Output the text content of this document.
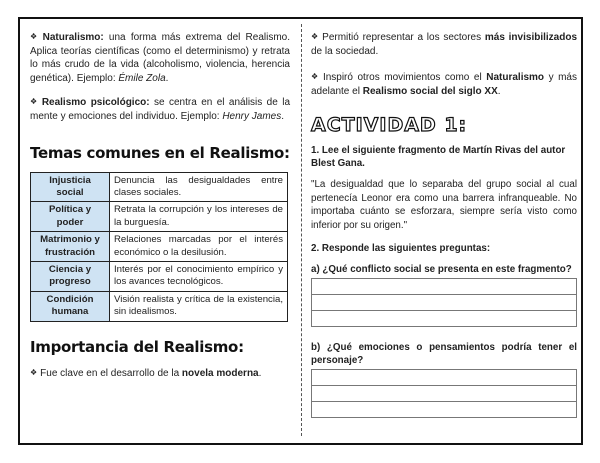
❖ Naturalismo: una forma más extrema del Realismo. Aplica teorías científicas (como el determinismo) y retrata lo más crudo de la vida (alcoholismo, violencia, herencia genética). Ejemplo: Émile Zola.

❖ Realismo psicológico: se centra en el análisis de la mente y emociones del individuo. Ejemplo: Henry James.

Temas comunes en el Realismo:
Injusticia social	Denuncia las desigualdades entre clases sociales.
Política y poder	Retrata la corrupción y los intereses de la burguesía.
Matrimonio y frustración	Relaciones marcadas por el interés económico o la desilusión.
Ciencia y progreso	Interés por el conocimiento empírico y los avances tecnológicos.
Condición humana	Visión realista y crítica de la existencia, sin idealismos.
Importancia del Realismo:

❖ Fue clave en el desarrollo de la novela moderna.

❖ Permitió representar a los sectores más invisibilizados de la sociedad.

❖ Inspiró otros movimientos como el Naturalismo y más adelante el Realismo social del siglo XX.

ACTIVIDAD 1:

1. Lee el siguiente fragmento de Martín Rivas del autor Blest Gana.

"La desigualdad que lo separaba del grupo social al cual pertenecía Leonor era como una barrera infranqueable. No importaba cuánto se esforzara, siempre sería visto como inferior por su origen."

2. Responde las siguientes preguntas:

a) ¿Qué conflicto social se presenta en este fragmento?

b) ¿Qué emociones o pensamientos podría tener el personaje?
